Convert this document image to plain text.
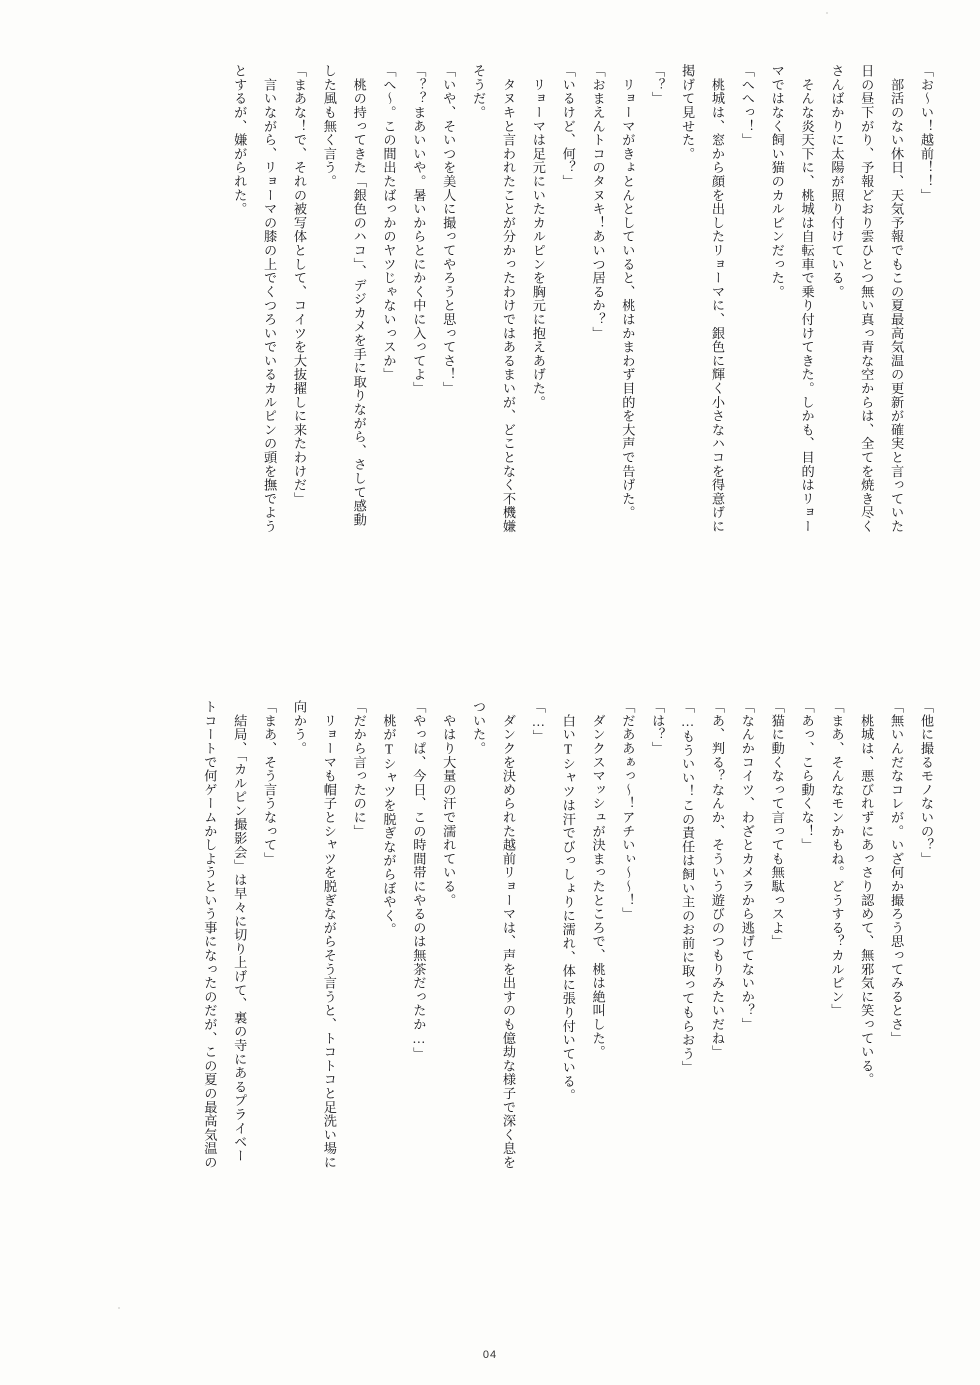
「お〜い！越前！！」
　部活のない休日、天気予報でもこの夏最高気温の更新が確実と言っていた
日の昼下がり、予報どおり雲ひとつ無い真っ青な空からは、全てを焼き尽く
さんばかりに太陽が照り付けている。
　そんな炎天下に、桃城は自転車で乗り付けてきた。しかも、目的はリョー
マではなく飼い猫のカルピンだった。
「へへっ！」
　桃城は、窓から顔を出したリョーマに、銀色に輝く小さなハコを得意げに
掲げて見せた。
「？」
　リョーマがきょとんとしていると、桃はかまわず目的を大声で告げた。
「おまえんトコのタヌキ！あいつ居るか？」
「いるけど、何？」
　リョーマは足元にいたカルピンを胸元に抱えあげた。
　タヌキと言われたことが分かったわけではあるまいが、どことなく不機嫌
そうだ。
「いや、そいつを美人に撮ってやろうと思ってさ！」
「？？まあいいや。暑いからとにかく中に入ってよ」
「へ〜。この間出たばっかのヤツじゃないっスか」
　桃の持ってきた「銀色のハコ」、デジカメを手に取りながら、さして感動
した風も無く言う。
「まあな！で、それの被写体として、コイツを大抜擢しに来たわけだ」
　言いながら、リョーマの膝の上でくつろいでいるカルピンの頭を撫でよう
とするが、嫌がられた。
「他に撮るモノないの？」
「無いんだなコレが。いざ何か撮ろう思ってみるとさ」
　桃城は、悪びれずにあっさり認めて、無邪気に笑っている。
「まあ、そんなモンかもね。どうする？カルピン」
「あっ、こら動くな！」
「猫に動くなって言っても無駄っスよ」
「なんかコイツ、わざとカメラから逃げてないか？」
「あ、判る？なんか、そういう遊びのつもりみたいだね」
「…もういい！この責任は飼い主のお前に取ってもらおう」
「は？」
「だああぁっ〜！アチいぃ〜〜！」
　ダンクスマッシュが決まったところで、桃は絶叫した。
　白いTシャツは汗でびっしょりに濡れ、体に張り付いている。
「…」
　ダンクを決められた越前リョーマは、声を出すのも億劫な様子で深く息を
ついた。
　やはり大量の汗で濡れている。
「やっぱ、今日、この時間帯にやるのは無茶だったか…」
　桃がTシャツを脱ぎながらぼやく。
「だから言ったのに」
　リョーマも帽子とシャツを脱ぎながらそう言うと、トコトコと足洗い場に
向かう。
「まあ、そう言うなって」
　結局、「カルピン撮影会」は早々に切り上げて、裏の寺にあるプライベー
トコートで何ゲームかしようという事になったのだが、この夏の最高気温の
04
